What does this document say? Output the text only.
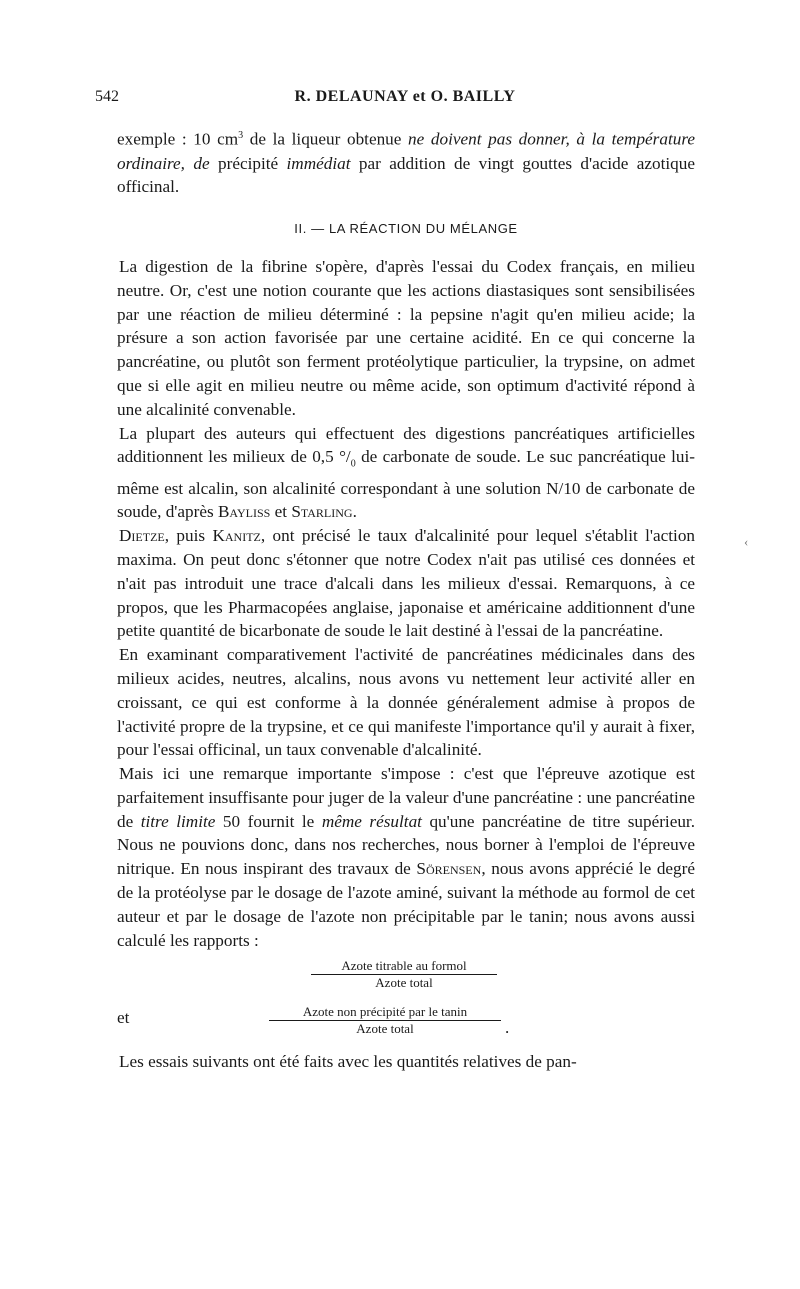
542	R. DELAUNAY et O. BAILLY
‹

exemple : 10 $cm^3$ de la liqueur obtenue ne doivent pas donner, à la température ordinaire, de précipité immédiat par addition de vingt gouttes d'acide azotique officinal.

II. — LA RÉACTION DU MÉLANGE

La digestion de la fibrine s'opère, d'après l'essai du Codex français, en milieu neutre. Or, c'est une notion courante que les actions diastasiques sont sensibilisées par une réaction de milieu déterminé : la pepsine n'agit qu'en milieu acide; la présure a son action favorisée par une certaine acidité. En ce qui concerne la pancréatine, ou plutôt son ferment protéolytique particulier, la trypsine, on admet que si elle agit en milieu neutre ou même acide, son optimum d'activité répond à une alcalinité convenable.

La plupart des auteurs qui effectuent des digestions pancréatiques artificielles additionnent les milieux de 0,5 $^\circ/_0$ de carbonate de soude. Le suc pancréatique lui-même est alcalin, son alcalinité correspondant à une solution N/10 de carbonate de soude, d'après Bayliss et Starling.

Dietze, puis Kanitz, ont précisé le taux d'alcalinité pour lequel s'établit l'action maxima. On peut donc s'étonner que notre Codex n'ait pas utilisé ces données et n'ait pas introduit une trace d'alcali dans les milieux d'essai. Remarquons, à ce propos, que les Pharmacopées anglaise, japonaise et américaine additionnent d'une petite quantité de bicarbonate de soude le lait destiné à l'essai de la pancréatine.

En examinant comparativement l'activité de pancréatines médicinales dans des milieux acides, neutres, alcalins, nous avons vu nettement leur activité aller en croissant, ce qui est conforme à la donnée généralement admise à propos de l'activité propre de la trypsine, et ce qui manifeste l'importance qu'il y aurait à fixer, pour l'essai officinal, un taux convenable d'alcalinité.

Mais ici une remarque importante s'impose : c'est que l'épreuve azotique est parfaitement insuffisante pour juger de la valeur d'une pancréatine : une pancréatine de titre limite 50 fournit le même résultat qu'une pancréatine de titre supérieur. Nous ne pouvions donc, dans nos recherches, nous borner à l'emploi de l'épreuve nitrique. En nous inspirant des travaux de Sörensen, nous avons apprécié le degré de la protéolyse par le dosage de l'azote aminé, suivant la méthode au formol de cet auteur et par le dosage de l'azote non précipitable par le tanin; nous avons aussi calculé les rapports :

Azote titrable au formol
Azote total
et	Azote non précipité par le tanin
Azote total	.

Les essais suivants ont été faits avec les quantités relatives de pan-
